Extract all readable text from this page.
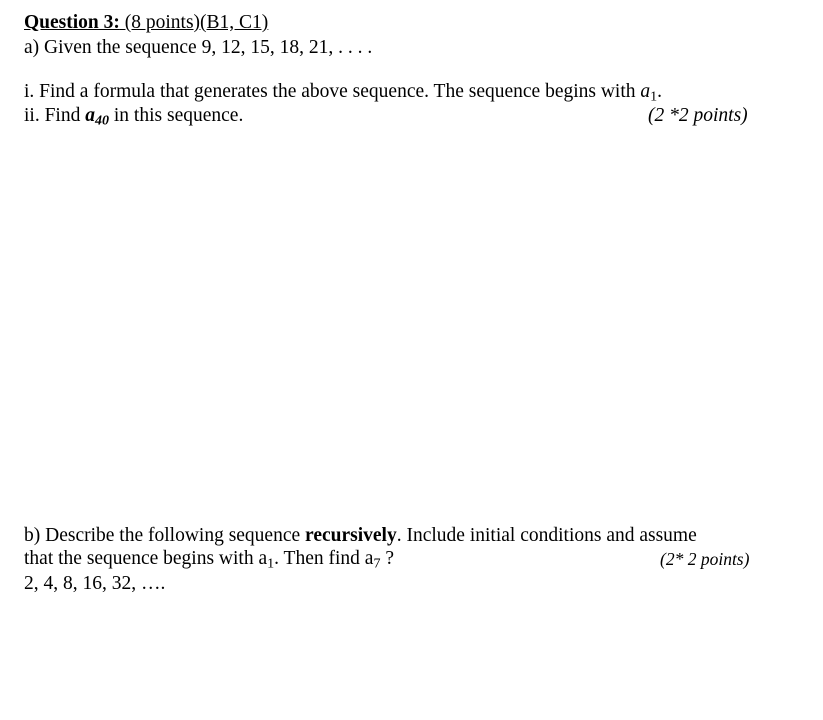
Question 3: (8 points)(B1, C1)
a) Given the sequence 9, 12, 15, 18, 21, . . . .
i. Find a formula that generates the above sequence. The sequence begins with $a_1$.
ii. Find $a_{40}$ in this sequence.	(2 *2 points)
b) Describe the following sequence recursively. Include initial conditions and assume
that the sequence begins with $a_1$. Then find $a_7$ ?	(2* 2 points)
2, 4, 8, 16, 32, ….
